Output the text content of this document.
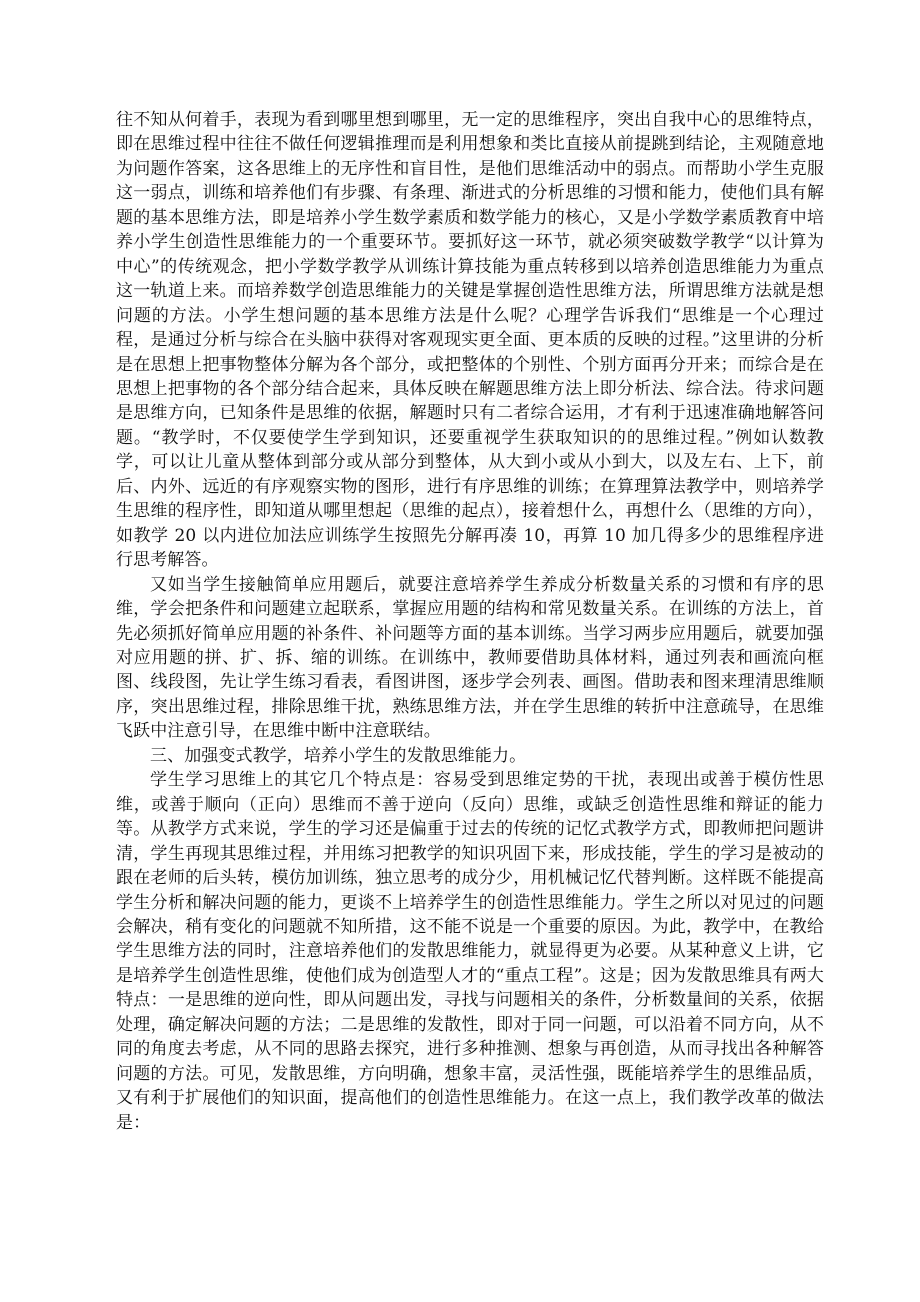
往不知从何着手，表现为看到哪里想到哪里，无一定的思维程序，突出自我中心的思维特点，即在思维过程中往往不做任何逻辑推理而是利用想象和类比直接从前提跳到结论，主观随意地为问题作答案，这各思维上的无序性和盲目性，是他们思维活动中的弱点。而帮助小学生克服这一弱点，训练和培养他们有步骤、有条理、渐进式的分析思维的习惯和能力，使他们具有解题的基本思维方法，即是培养小学生数学素质和数学能力的核心，又是小学数学素质教育中培养小学生创造性思维能力的一个重要环节。要抓好这一环节，就必须突破数学教学“以计算为中心”的传统观念，把小学数学教学从训练计算技能为重点转移到以培养创造思维能力为重点这一轨道上来。而培养数学创造思维能力的关键是掌握创造性思维方法，所谓思维方法就是想问题的方法。小学生想问题的基本思维方法是什么呢？心理学告诉我们“思维是一个心理过程，是通过分析与综合在头脑中获得对客观现实更全面、更本质的反映的过程。”这里讲的分析是在思想上把事物整体分解为各个部分，或把整体的个别性、个别方面再分开来；而综合是在思想上把事物的各个部分结合起来，具体反映在解题思维方法上即分析法、综合法。待求问题是思维方向，已知条件是思维的依据，解题时只有二者综合运用，才有利于迅速准确地解答问题。“教学时，不仅要使学生学到知识，还要重视学生获取知识的的思维过程。”例如认数教学，可以让儿童从整体到部分或从部分到整体，从大到小或从小到大，以及左右、上下，前后、内外、远近的有序观察实物的图形，进行有序思维的训练；在算理算法教学中，则培养学生思维的程序性，即知道从哪里想起（思维的起点），接着想什么，再想什么（思维的方向），如教学 20 以内进位加法应训练学生按照先分解再凑 10，再算 10 加几得多少的思维程序进行思考解答。

又如当学生接触简单应用题后，就要注意培养学生养成分析数量关系的习惯和有序的思维，学会把条件和问题建立起联系，掌握应用题的结构和常见数量关系。在训练的方法上，首先必须抓好简单应用题的补条件、补问题等方面的基本训练。当学习两步应用题后，就要加强对应用题的拼、扩、拆、缩的训练。在训练中，教师要借助具体材料，通过列表和画流向框图、线段图，先让学生练习看表，看图讲图，逐步学会列表、画图。借助表和图来理清思维顺序，突出思维过程，排除思维干扰，熟练思维方法，并在学生思维的转折中注意疏导，在思维飞跃中注意引导，在思维中断中注意联结。

三、加强变式教学，培养小学生的发散思维能力。

学生学习思维上的其它几个特点是：容易受到思维定势的干扰，表现出或善于模仿性思维，或善于顺向（正向）思维而不善于逆向（反向）思维，或缺乏创造性思维和辩证的能力等。从教学方式来说，学生的学习还是偏重于过去的传统的记忆式教学方式，即教师把问题讲清，学生再现其思维过程，并用练习把教学的知识巩固下来，形成技能，学生的学习是被动的跟在老师的后头转，模仿加训练，独立思考的成分少，用机械记忆代替判断。这样既不能提高学生分析和解决问题的能力，更谈不上培养学生的创造性思维能力。学生之所以对见过的问题会解决，稍有变化的问题就不知所措，这不能不说是一个重要的原因。为此，教学中，在教给学生思维方法的同时，注意培养他们的发散思维能力，就显得更为必要。从某种意义上讲，它是培养学生创造性思维，使他们成为创造型人才的“重点工程”。这是；因为发散思维具有两大特点：一是思维的逆向性，即从问题出发，寻找与问题相关的条件，分析数量间的关系，依据处理，确定解决问题的方法；二是思维的发散性，即对于同一问题，可以沿着不同方向，从不同的角度去考虑，从不同的思路去探究，进行多种推测、想象与再创造，从而寻找出各种解答问题的方法。可见，发散思维，方向明确，想象丰富，灵活性强，既能培养学生的思维品质，又有利于扩展他们的知识面，提高他们的创造性思维能力。在这一点上，我们教学改革的做法是：
